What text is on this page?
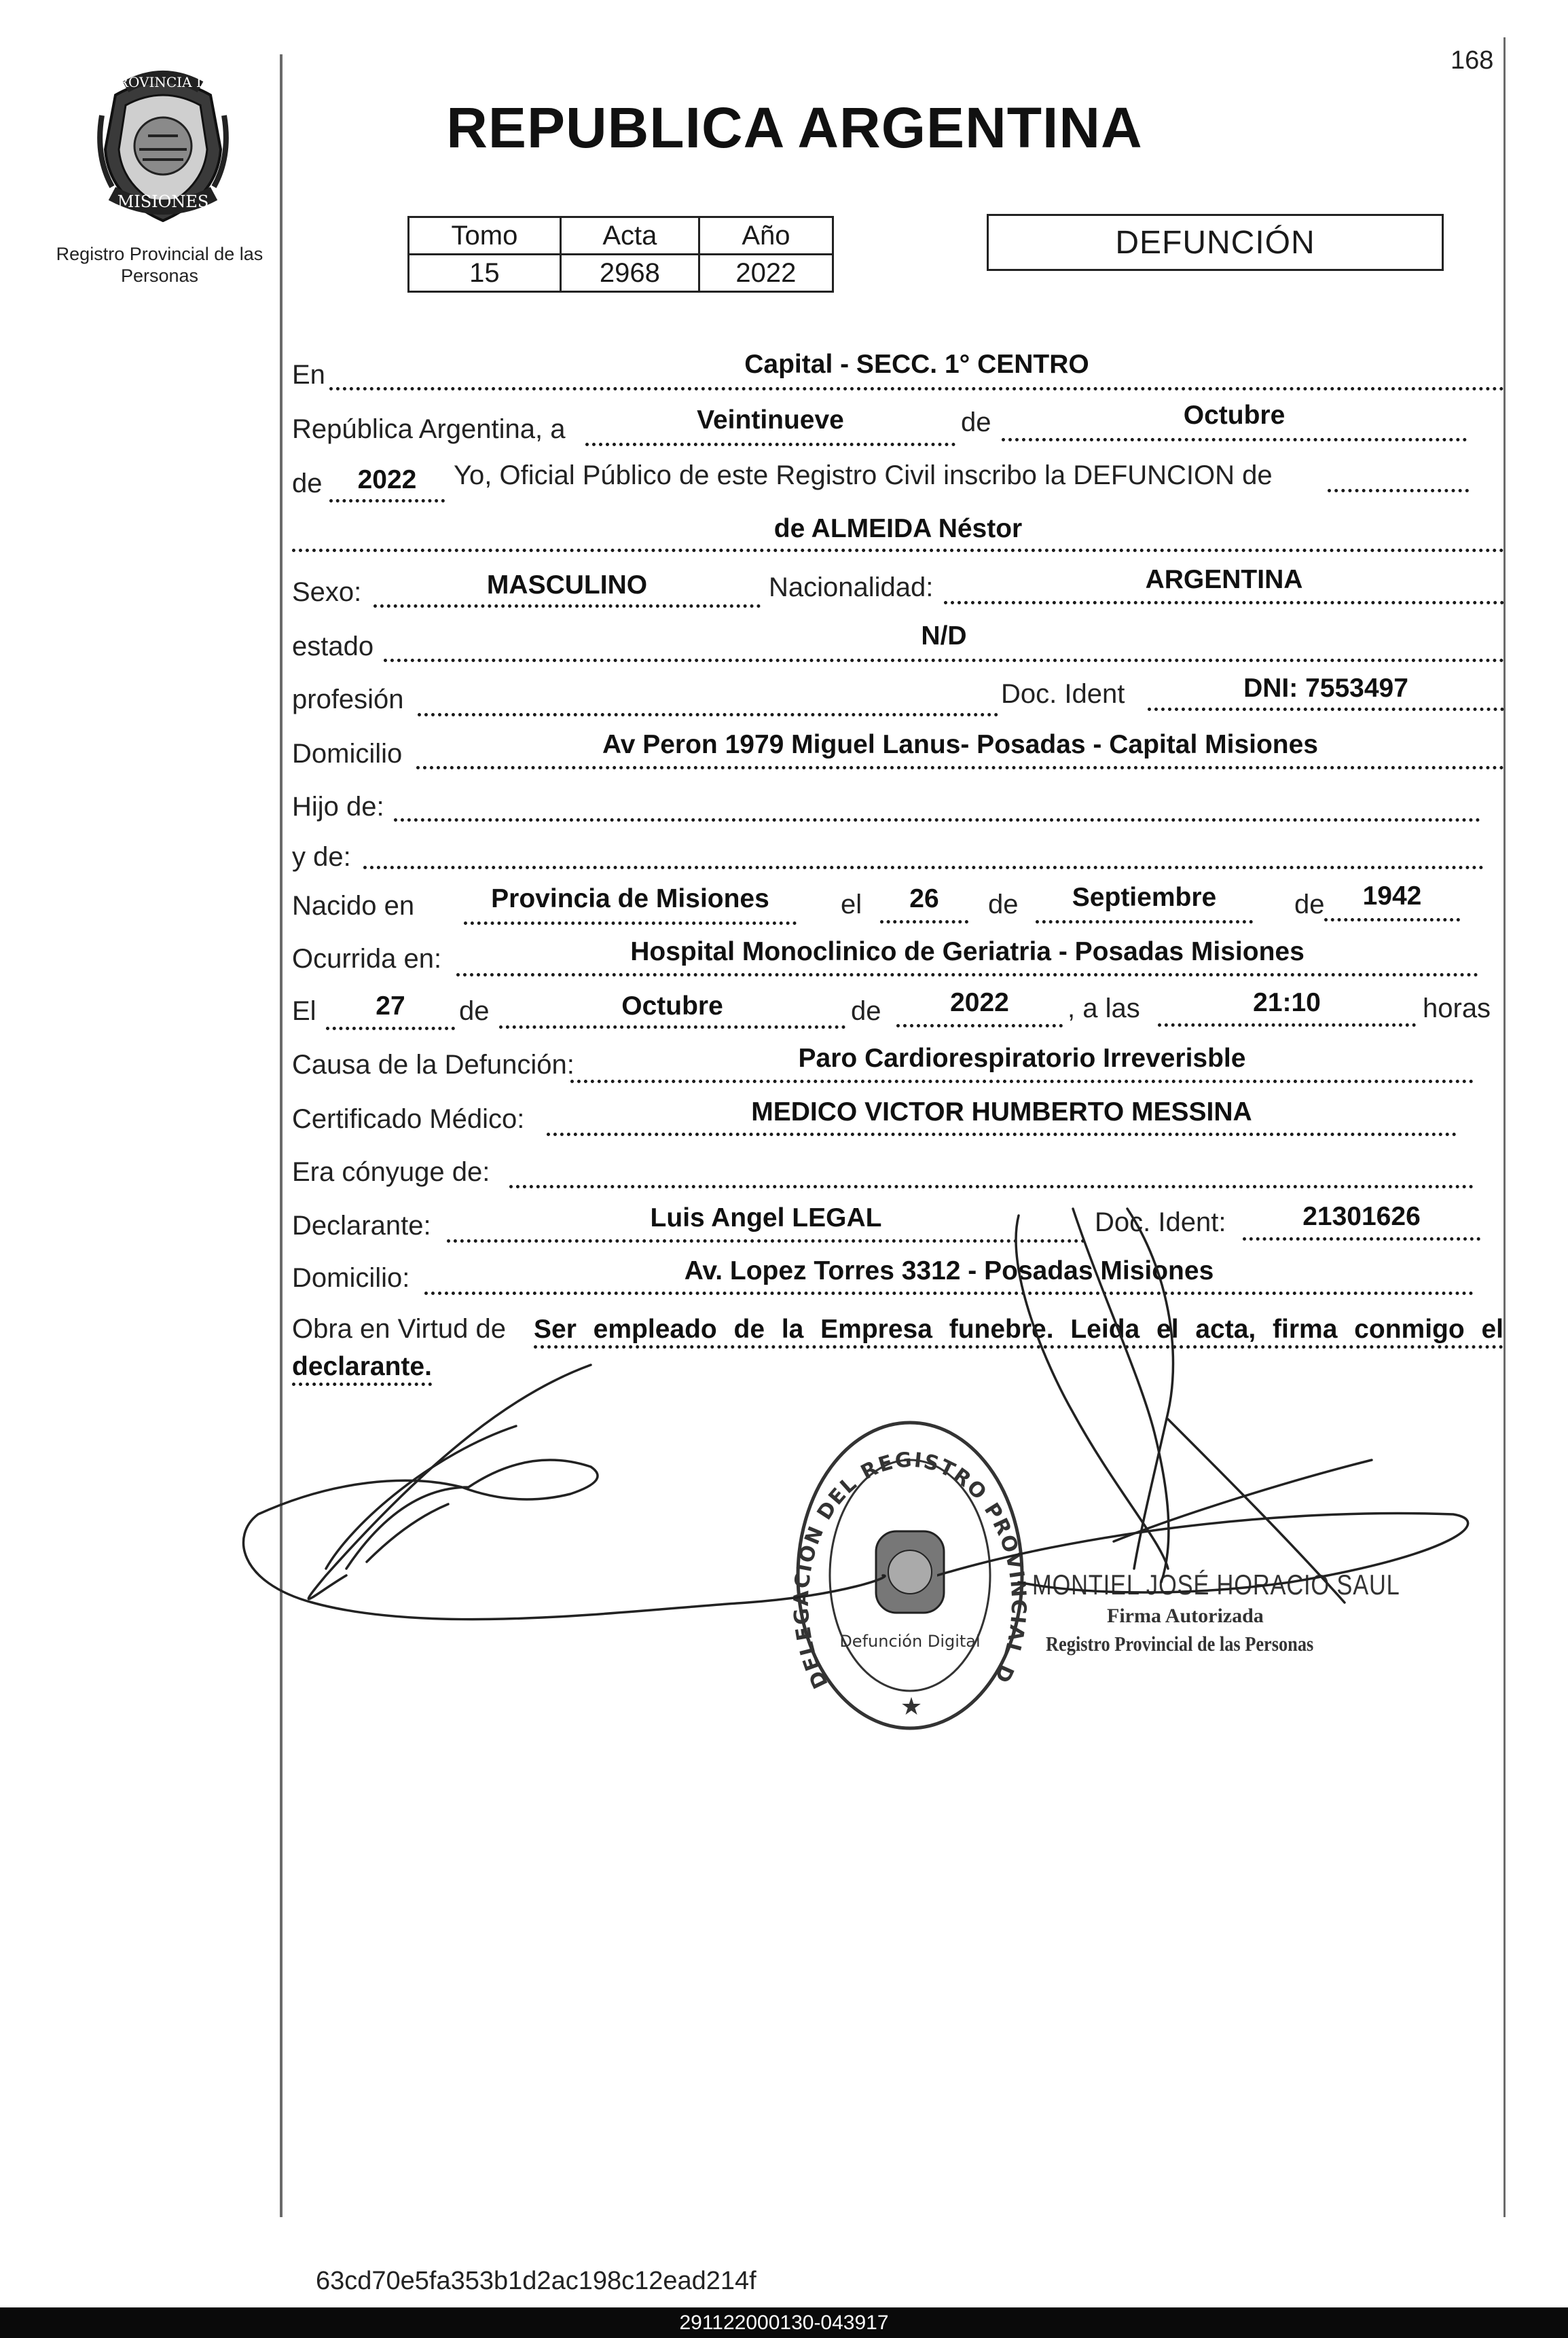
168
PROVINCIA DE
MISIONES
Registro Provincial de las Personas
REPUBLICA ARGENTINA
Tomo	Acta	Año
15	2968	2022
DEFUNCIÓN
En	Capital - SECC. 1° CENTRO
República Argentina, a	Veintinueve	de	Octubre
de	2022	Yo, Oficial Público de este Registro Civil inscribo la DEFUNCION de
de ALMEIDA Néstor
Sexo:	MASCULINO	Nacionalidad:	ARGENTINA
estado	N/D
profesión	Doc. Ident	DNI: 7553497
Domicilio	Av Peron 1979 Miguel Lanus- Posadas - Capital Misiones
Hijo de:
y de:
Nacido en	Provincia de Misiones	el	26	de	Septiembre	de	1942
Ocurrida en:	Hospital Monoclinico de Geriatria - Posadas Misiones
El	27	de	Octubre	de	2022	, a las	21:10	horas
Causa de la Defunción:	Paro Cardiorespiratorio Irreverisble
Certificado Médico:	MEDICO VICTOR HUMBERTO MESSINA
Era cónyuge de:
Declarante:	Luis Angel LEGAL	Doc. Ident:	21301626
Domicilio:	Av. Lopez Torres 3312 - Posadas Misiones
Obra en Virtud de Ser empleado de la Empresa funebre. Leida el acta, firma conmigo el
declarante.
DELEGACION DEL REGISTRO PROVINCIAL D
Defunción Digital
★
MONTIEL JOSÉ HORACIO SAUL
Firma Autorizada
Registro Provincial de las Personas
63cd70e5fa353b1d2ac198c12ead214f
291122000130-043917
